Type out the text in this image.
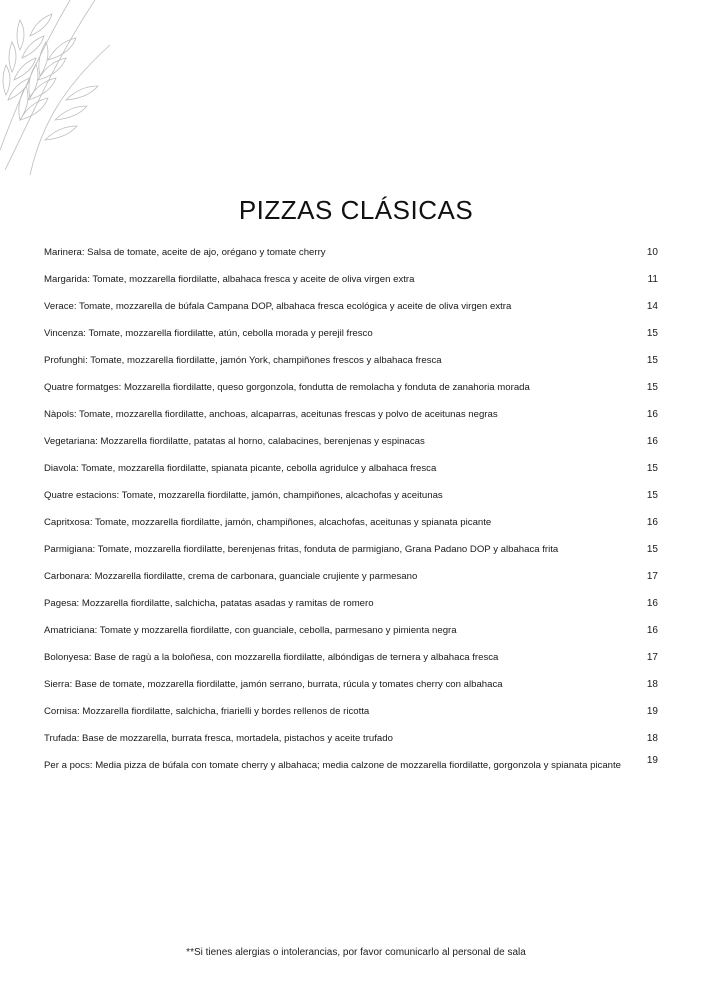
PIZZAS CLÁSICAS
Marinera: Salsa de tomate, aceite de ajo, orégano y tomate cherry	10
Margarida: Tomate, mozzarella fiordilatte, albahaca fresca y aceite de oliva virgen extra	11
Verace: Tomate, mozzarella de búfala Campana DOP, albahaca fresca ecológica y aceite de oliva virgen extra	14
Vincenza: Tomate, mozzarella fiordilatte, atún, cebolla morada y perejil fresco	15
Profunghi: Tomate, mozzarella fiordilatte, jamón York, champiñones frescos y albahaca fresca	15
Quatre formatges: Mozzarella fiordilatte, queso gorgonzola, fondutta de remolacha y fonduta de zanahoria morada	15
Nàpols: Tomate, mozzarella fiordilatte, anchoas, alcaparras, aceitunas frescas y polvo de aceitunas negras	16
Vegetariana: Mozzarella fiordilatte, patatas al horno, calabacines, berenjenas y espinacas	16
Diavola: Tomate, mozzarella fiordilatte, spianata picante, cebolla agridulce y albahaca fresca	15
Quatre estacions: Tomate, mozzarella fiordilatte, jamón, champiñones, alcachofas y aceitunas	15
Capritxosa: Tomate, mozzarella fiordilatte, jamón, champiñones, alcachofas, aceitunas y spianata picante	16
Parmigiana: Tomate, mozzarella fiordilatte, berenjenas fritas, fonduta de parmigiano, Grana Padano DOP y albahaca frita	15
Carbonara: Mozzarella fiordilatte, crema de carbonara, guanciale crujiente y parmesano	17
Pagesa: Mozzarella fiordilatte, salchicha, patatas asadas y ramitas de romero	16
Amatriciana: Tomate y mozzarella fiordilatte, con guanciale, cebolla, parmesano y pimienta negra	16
Bolonyesa: Base de ragù a la boloñesa, con mozzarella fiordilatte, albóndigas de ternera y albahaca fresca	17
Sierra: Base de tomate, mozzarella fiordilatte, jamón serrano, burrata, rúcula y tomates cherry con albahaca	18
Cornisa: Mozzarella fiordilatte, salchicha, friarielli y bordes rellenos de ricotta	19
Trufada: Base de mozzarella, burrata fresca, mortadela, pistachos y aceite trufado	18
Per a pocs: Media pizza de búfala con tomate cherry y albahaca; media calzone de mozzarella fiordilatte, gorgonzola y spianata picante	19
**Si tienes alergias o intolerancias, por favor comunicarlo al personal de sala
